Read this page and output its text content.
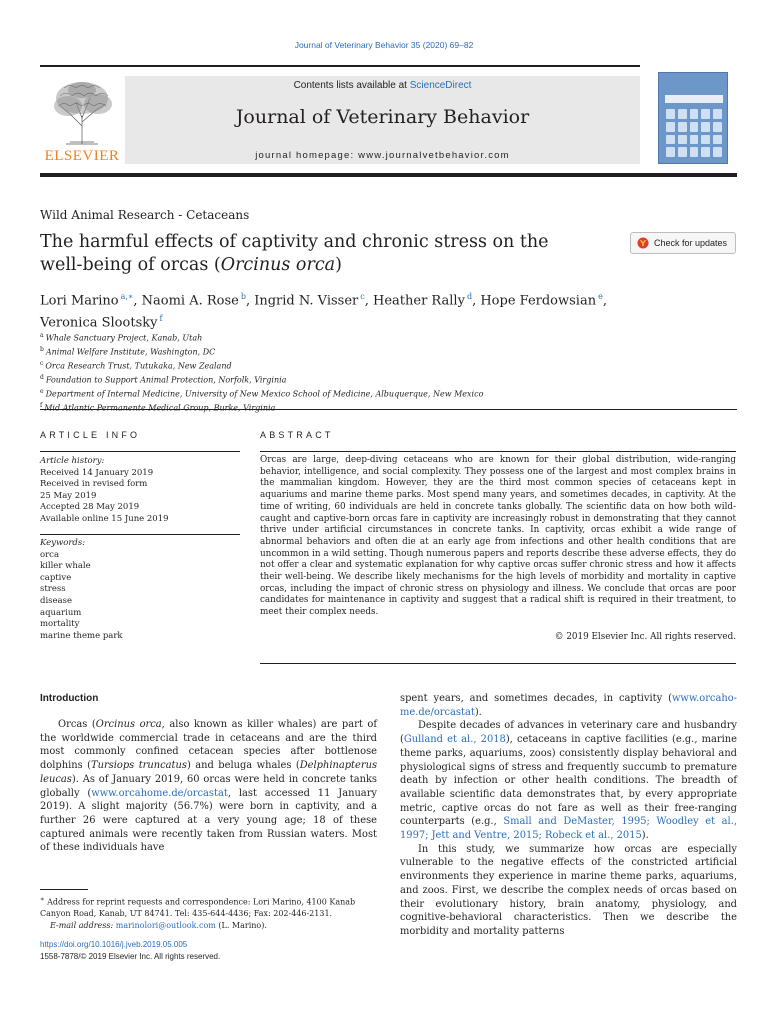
Journal of Veterinary Behavior 35 (2020) 69–82
ELSEVIER
Contents lists available at ScienceDirect
Journal of Veterinary Behavior
journal homepage: www.journalvetbehavior.com
Wild Animal Research - Cetaceans
The harmful effects of captivity and chronic stress on the
well-being of orcas (Orcinus orca)
Check for updates
Lori Marino $^{a,∗}$, Naomi A. Rose $^b$, Ingrid N. Visser $^c$, Heather Rally $^d$, Hope Ferdowsian $^e$,
Veronica Slootsky $^f$
$^a$ Whale Sanctuary Project, Kanab, Utah
$^b$ Animal Welfare Institute, Washington, DC
$^c$ Orca Research Trust, Tutukaka, New Zealand
$^d$ Foundation to Support Animal Protection, Norfolk, Virginia
$^e$ Department of Internal Medicine, University of New Mexico School of Medicine, Albuquerque, New Mexico
$^f$
ARTICLE INFO
Article history:
Received 14 January 2019
Received in revised form
25 May 2019
Accepted 28 May 2019
Available online 15 June 2019
Keywords:
orca
killer whale
captive
stress
disease
aquarium
mortality
marine theme park
ABSTRACT
Orcas are large, deep-diving cetaceans who are known for their global distribution, wide-ranging behavior, intelligence, and social complexity. They possess one of the largest and most complex brains in the mammalian kingdom. However, they are the third most common species of cetaceans kept in aquariums and marine theme parks. Most spend many years, and sometimes decades, in captivity. At the time of writing, 60 individuals are held in concrete tanks globally. The scientific data on how both wild-caught and captive-born orcas fare in captivity are increasingly robust in demonstrating that they cannot thrive under artificial circumstances in concrete tanks. In captivity, orcas exhibit a wide range of abnormal behaviors and often die at an early age from infections and other health conditions that are uncommon in a wild setting. Though numerous papers and reports describe these adverse effects, they do not offer a clear and systematic explanation for why captive orcas suffer chronic stress and how it affects their well-being. We describe likely mechanisms for the high levels of morbidity and mortality in captive orcas, including the impact of chronic stress on physiology and illness. We conclude that orcas are poor candidates for maintenance in captivity and suggest that a radical shift is required in their treatment, to meet their complex needs.
© 2019 Elsevier Inc. All rights reserved.
Introduction

Orcas (Orcinus orca, also known as killer whales) are part of the worldwide commercial trade in cetaceans and are the third most commonly confined cetacean species after bottlenose dolphins (Tursiops truncatus) and beluga whales (Delphinapterus leucas). As of January 2019, 60 orcas were held in concrete tanks globally (www.orcahome.de/orcastat, last accessed 11 January 2019). A slight majority (56.7%) were born in captivity, and a further 26 were captured at a very young age; 18 of these captured animals were recently taken from Russian waters. Most of these individuals have

spent years, and sometimes decades, in captivity (www.orcaho-me.de/orcastat).

Despite decades of advances in veterinary care and husbandry (Gulland et al., 2018), cetaceans in captive facilities (e.g., marine theme parks, aquariums, zoos) consistently display behavioral and physiological signs of stress and frequently succumb to premature death by infection or other health conditions. The breadth of available scientific data demonstrates that, by every appropriate metric, captive orcas do not fare as well as their free-ranging counterparts (e.g., Small and DeMaster, 1995; Woodley et al., 1997; Jett and Ventre, 2015; Robeck et al., 2015).

In this study, we summarize how orcas are especially vulnerable to the negative effects of the constricted artificial environments they experience in marine theme parks, aquariums, and zoos. First, we describe the complex needs of orcas based on their evolutionary history, brain anatomy, physiology, and cognitive-behavioral characteristics. Then we describe the morbidity and mortality patterns

∗ Address for reprint requests and correspondence: Lori Marino, 4100 Kanab Canyon Road, Kanab, UT 84741. Tel: 435-644-4436; Fax: 202-446-2131.
E-mail address: marinolori@outlook.com (L. Marino).
https://doi.org/10.1016/j.jveb.2019.05.005
1558-7878/© 2019 Elsevier Inc. All rights reserved.
